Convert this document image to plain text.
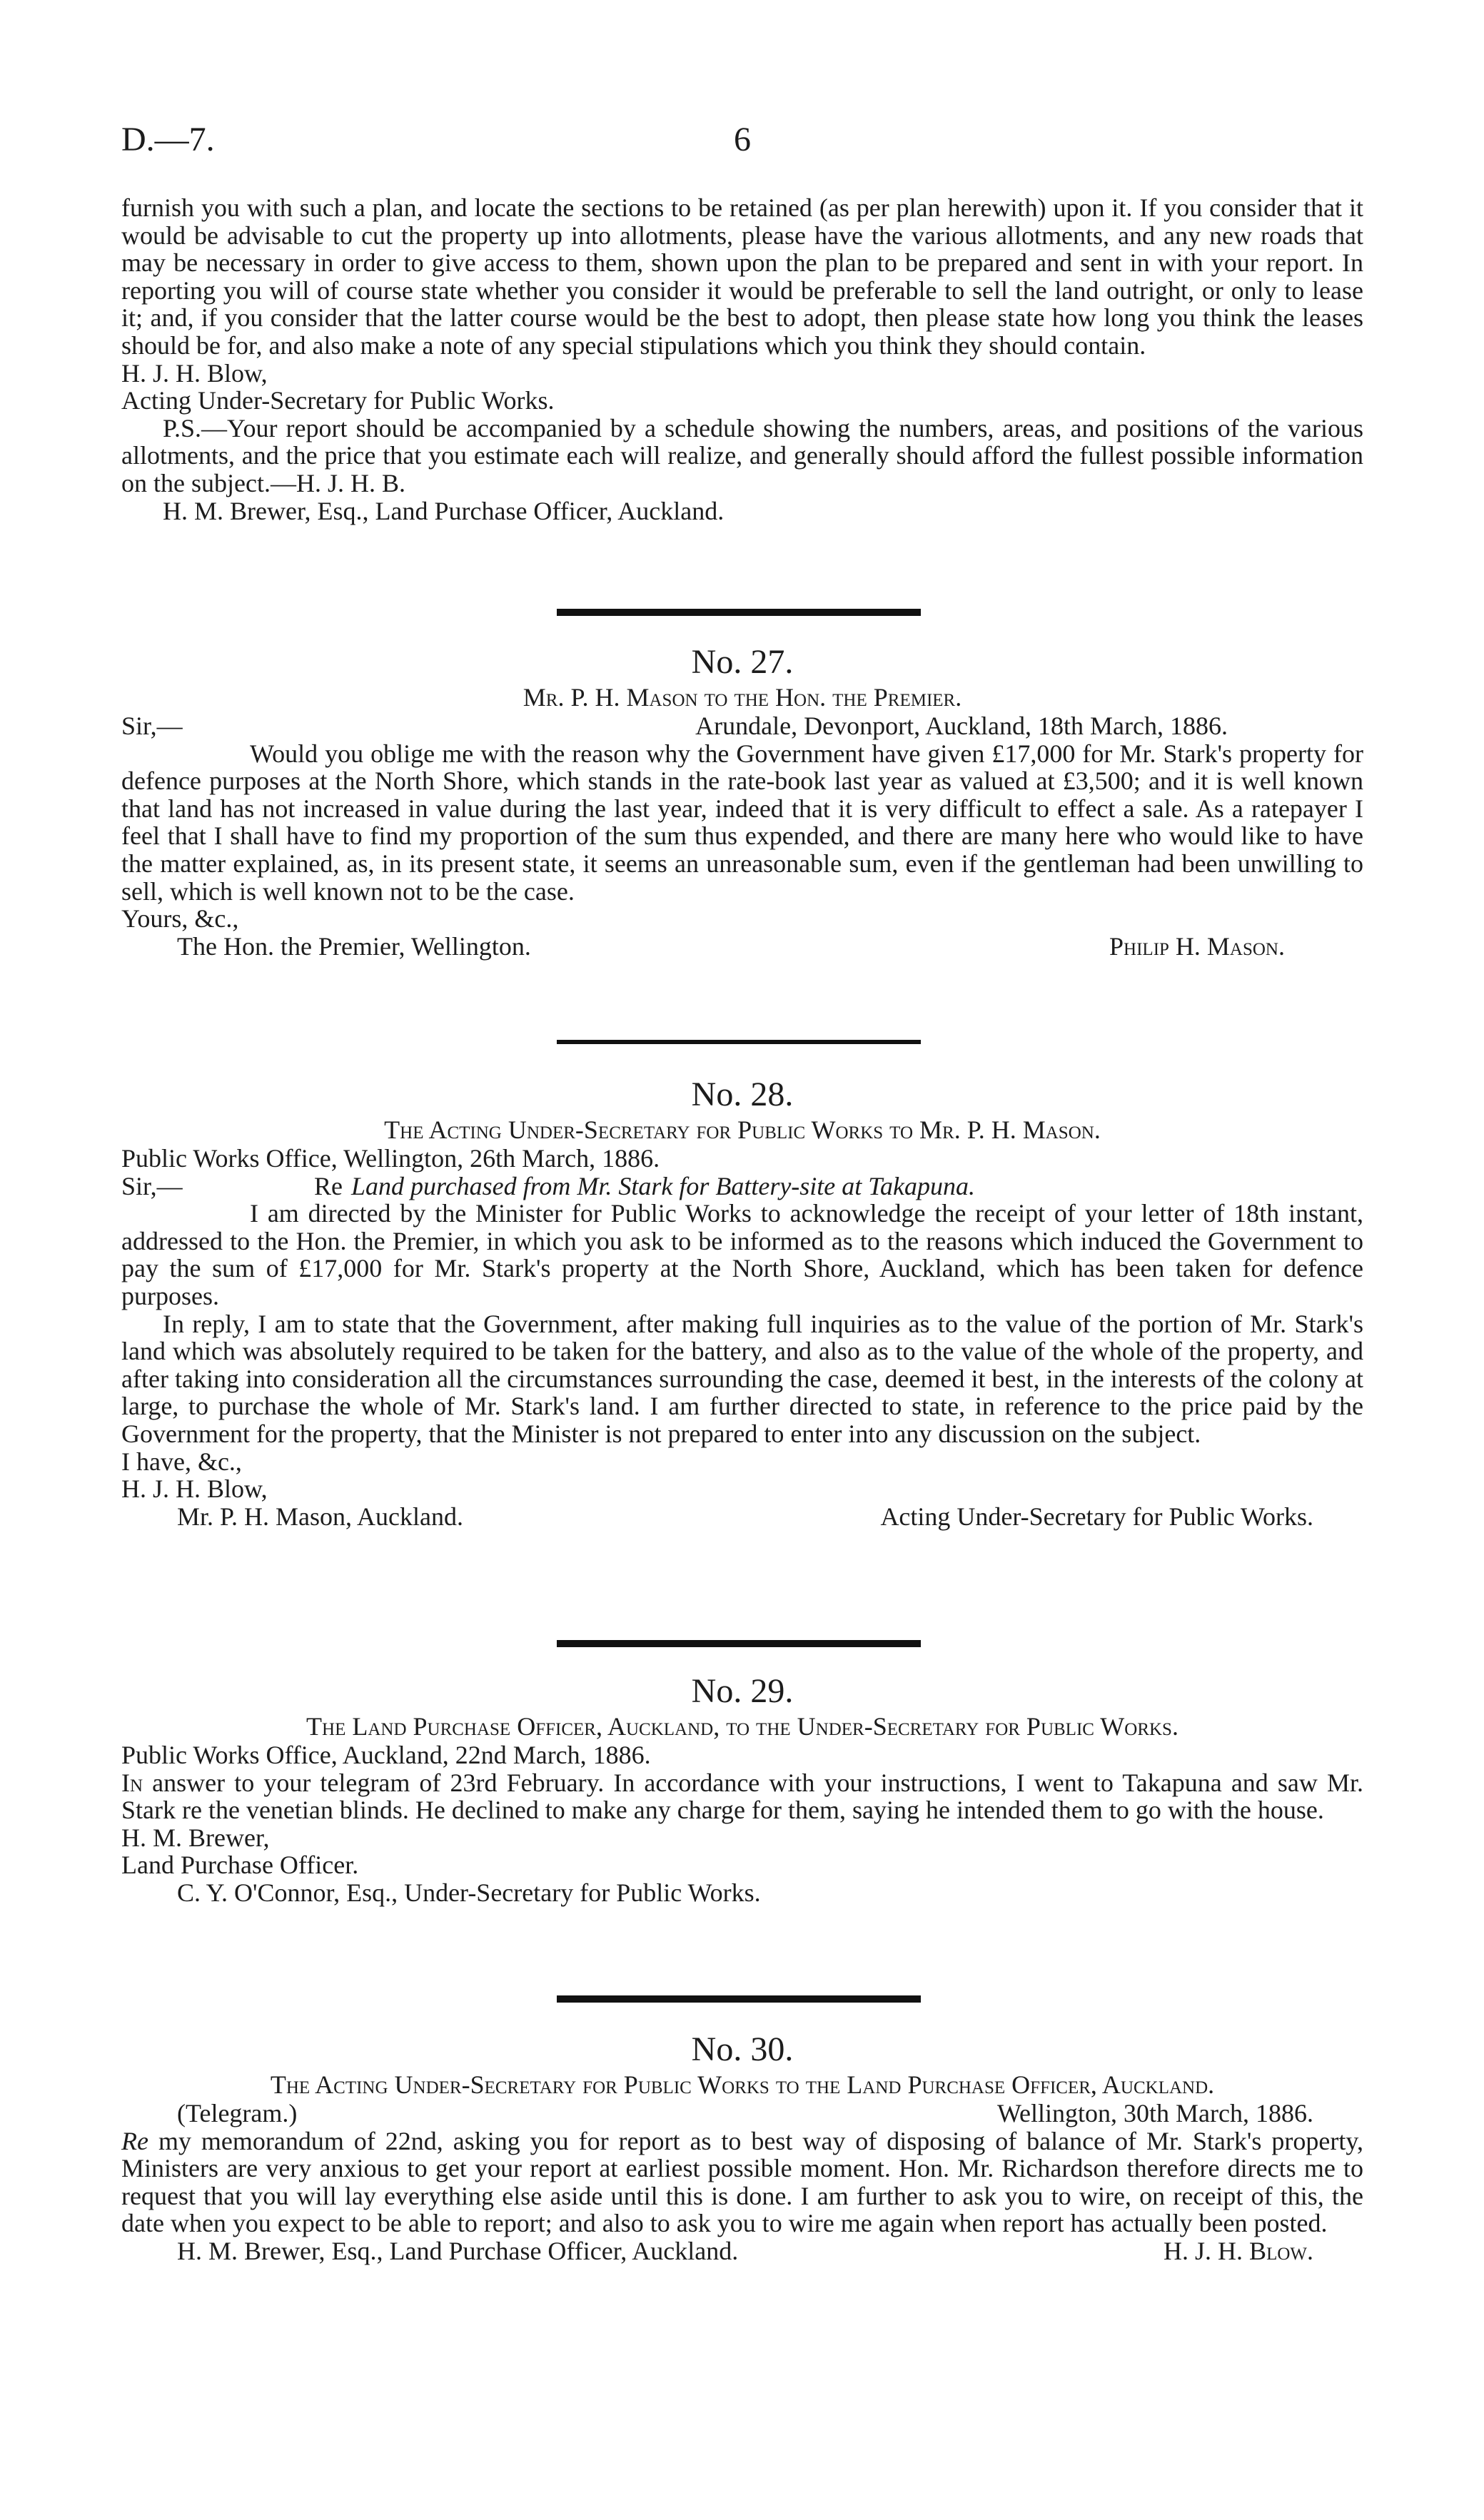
D.—7.	6

furnish you with such a plan, and locate the sections to be retained (as per plan herewith) upon it. If you consider that it would be advisable to cut the property up into allotments, please have the various allotments, and any new roads that may be necessary in order to give access to them, shown upon the plan to be prepared and sent in with your report. In reporting you will of course state whether you consider it would be preferable to sell the land outright, or only to lease it; and, if you consider that the latter course would be the best to adopt, then please state how long you think the leases should be for, and also make a note of any special stipulations which you think they should contain.

H. J. H. Blow,

Acting Under-Secretary for Public Works.

P.S.—Your report should be accompanied by a schedule showing the numbers, areas, and positions of the various allotments, and the price that you estimate each will realize, and generally should afford the fullest possible information on the subject.—H. J. H. B.

H. M. Brewer, Esq., Land Purchase Officer, Auckland.

No. 27.

Mr. P. H. Mason to the Hon. the Premier.

Sir,—	Arundale, Devonport, Auckland, 18th March, 1886.

Would you oblige me with the reason why the Government have given £17,000 for Mr. Stark's property for defence purposes at the North Shore, which stands in the rate-book last year as valued at £3,500; and it is well known that land has not increased in value during the last year, indeed that it is very difficult to effect a sale. As a ratepayer I feel that I shall have to find my proportion of the sum thus expended, and there are many here who would like to have the matter explained, as, in its present state, it seems an unreasonable sum, even if the gentleman had been unwilling to sell, which is well known not to be the case.

Yours, &c.,

The Hon. the Premier, Wellington.	Philip H. Mason.

No. 28.

The Acting Under-Secretary for Public Works to Mr. P. H. Mason.

Public Works Office, Wellington, 26th March, 1886.

Sir,—	Re Land purchased from Mr. Stark for Battery-site at Takapuna.

I am directed by the Minister for Public Works to acknowledge the receipt of your letter of 18th instant, addressed to the Hon. the Premier, in which you ask to be informed as to the reasons which induced the Government to pay the sum of £17,000 for Mr. Stark's property at the North Shore, Auckland, which has been taken for defence purposes.

In reply, I am to state that the Government, after making full inquiries as to the value of the portion of Mr. Stark's land which was absolutely required to be taken for the battery, and also as to the value of the whole of the property, and after taking into consideration all the circumstances surrounding the case, deemed it best, in the interests of the colony at large, to purchase the whole of Mr. Stark's land. I am further directed to state, in reference to the price paid by the Government for the property, that the Minister is not prepared to enter into any discussion on the subject.

I have, &c.,

H. J. H. Blow,

Mr. P. H. Mason, Auckland.	Acting Under-Secretary for Public Works.

No. 29.

The Land Purchase Officer, Auckland, to the Under-Secretary for Public Works.

Public Works Office, Auckland, 22nd March, 1886.

In answer to your telegram of 23rd February. In accordance with your instructions, I went to Takapuna and saw Mr. Stark re the venetian blinds. He declined to make any charge for them, saying he intended them to go with the house.

H. M. Brewer,

Land Purchase Officer.

C. Y. O'Connor, Esq., Under-Secretary for Public Works.

No. 30.

The Acting Under-Secretary for Public Works to the Land Purchase Officer, Auckland.

(Telegram.)	Wellington, 30th March, 1886.

Re my memorandum of 22nd, asking you for report as to best way of disposing of balance of Mr. Stark's property, Ministers are very anxious to get your report at earliest possible moment. Hon. Mr. Richardson therefore directs me to request that you will lay everything else aside until this is done. I am further to ask you to wire, on receipt of this, the date when you expect to be able to report; and also to ask you to wire me again when report has actually been posted.

H. M. Brewer, Esq., Land Purchase Officer, Auckland.	H. J. H. Blow.
